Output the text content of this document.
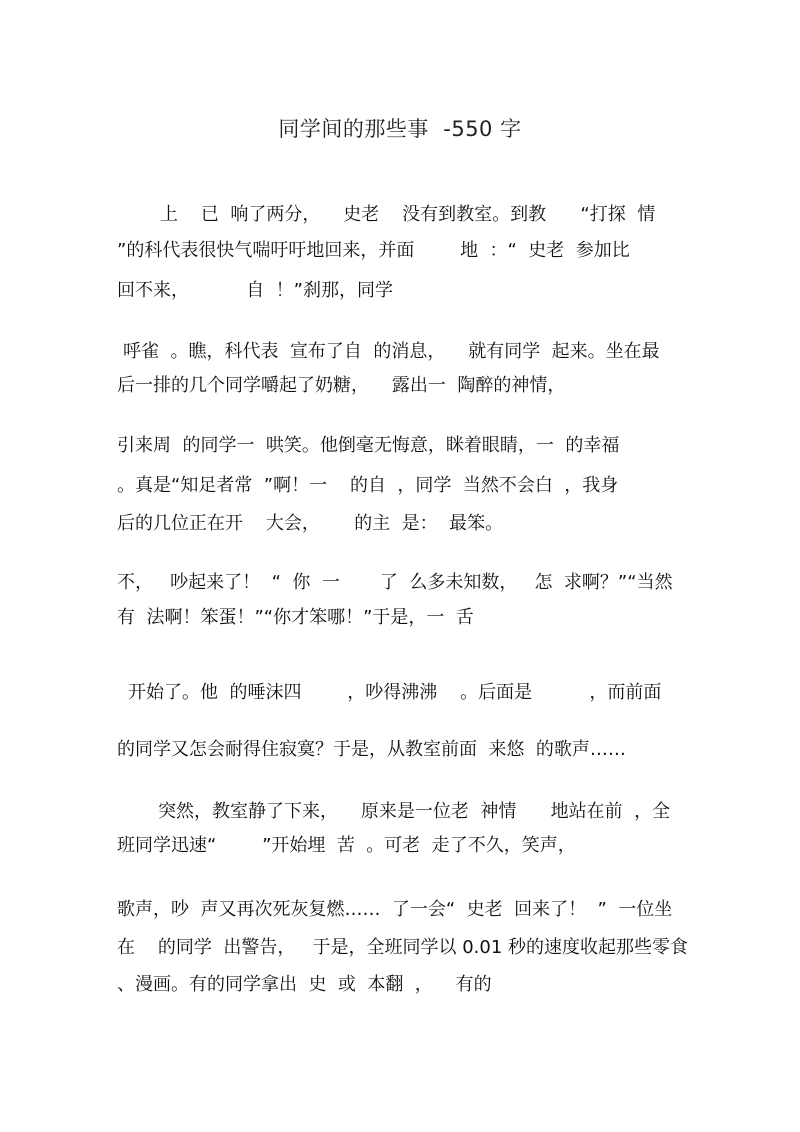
同学间的那些事  -550 字
上    已  响了两分，    史老    没有到教室。到教      “打探  情
”的科代表很快气喘吁吁地回来，并面        地  ：“  史老  参加比
回不来，          自  ！”刹那，同学
呼雀  。瞧，科代表  宣布了自  的消息，    就有同学  起来。坐在最
后一排的几个同学嚼起了奶糖，    露出一  陶醉的神情，
引来周  的同学一  哄笑。他倒毫无悔意，眯着眼睛，一  的幸福
。真是“知足者常  ”啊！一    的自  ，同学  当然不会白  ，我身
后的几位正在开    大会，      的主  是：  最笨。
不，   吵起来了！  “  你  一       了  么多未知数，   怎  求啊？”“当然
有  法啊！笨蛋！”“你才笨哪！”于是，一  舌
开始了。他  的唾沫四        ，吵得沸沸    。后面是          ，而前面
的同学又怎会耐得住寂寞？于是，从教室前面  来悠  的歌声……
突然，教室静了下来，    原来是一位老  神情      地站在前  ，全
班同学迅速“        ”开始埋  苦  。可老  走了不久，笑声，
歌声，吵  声又再次死灰复燃……  了一会“  史老  回来了！  ”  一位坐
在    的同学  出警告，   于是，全班同学以 0.01 秒的速度收起那些零食
、漫画。有的同学拿出  史  或  本翻  ，    有的
